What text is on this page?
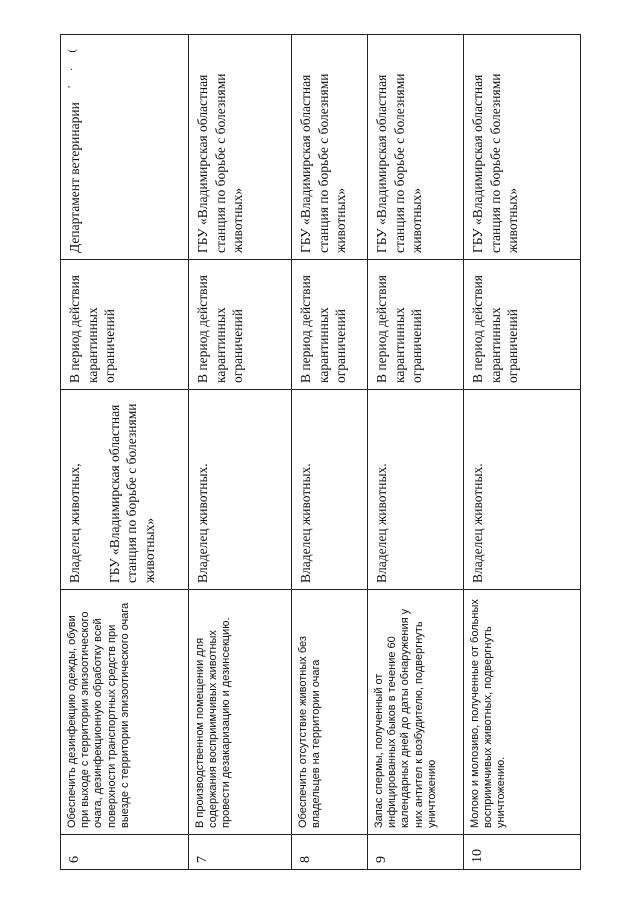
6	Обеспечить дезинфекцию одежды, обуви при выходе с территории эпизоотического очага, дезинфекционную обработку всей поверхности транспортных средств при выезде с территории эпизоотического очага	Владелец животных, ГБУ «Владимирская областная станция по борьбе с болезнями животных»	В период действия карантинных ограничений	Департамент ветеринарии
' · (

7	В производственном помещении для содержания восприимчивых животных провести дезакаризацию и дезинсекцию.	Владелец животных.	В период действия карантинных ограничений	ГБУ «Владимирская областная станция по борьбе с болезнями животных»
8	Обеспечить отсутствие животных без владельцев на территории очага	Владелец животных.	В период действия карантинных ограничений	ГБУ «Владимирская областная станция по борьбе с болезнями животных»
9	Запас спермы, полученный от инфицированных быков в течение 60 календарных дней до даты обнаружения у них антител к возбудителю, подвергнуть уничтожению	Владелец животных.	В период действия карантинных ограничений	ГБУ «Владимирская областная станция по борьбе с болезнями животных»
10	Молоко и молозиво, полученные от больных восприимчивых животных, подвергнуть уничтожению.	Владелец животных.	В период действия карантинных ограничений	ГБУ «Владимирская областная станция по борьбе с болезнями животных»
